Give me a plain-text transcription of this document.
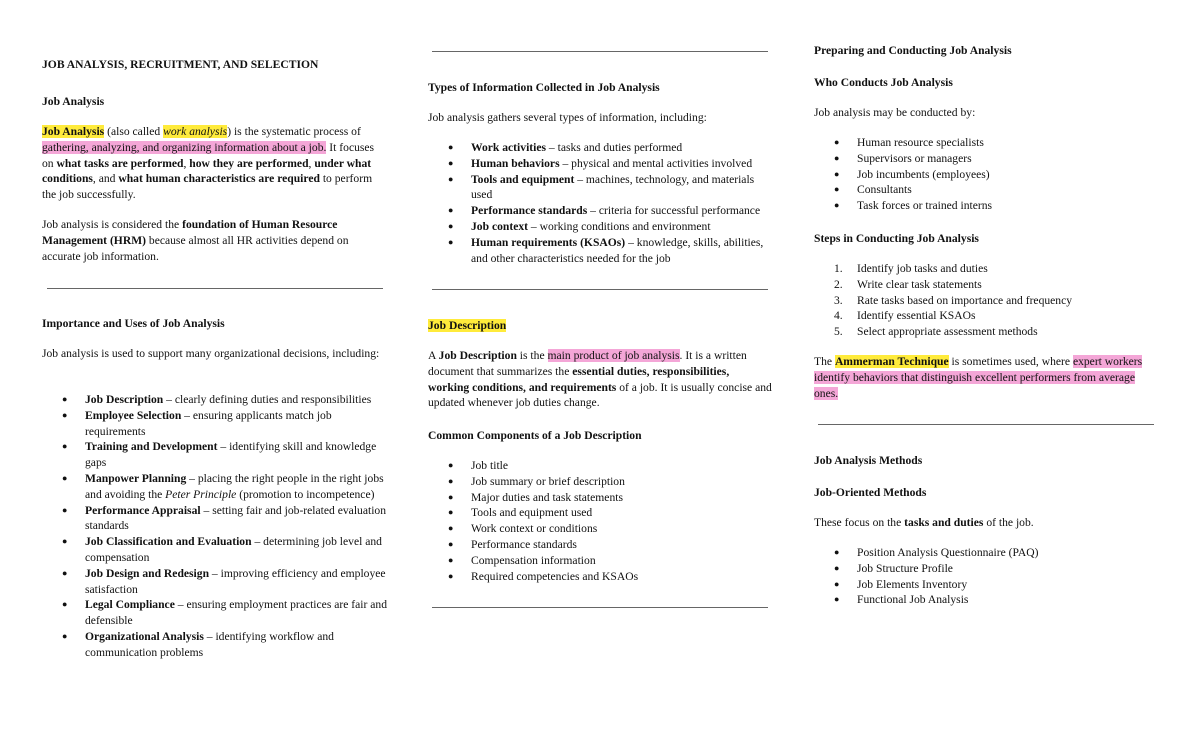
JOB ANALYSIS, RECRUITMENT, AND SELECTION
Job Analysis
Job Analysis (also called work analysis) is the systematic process of gathering, analyzing, and organizing information about a job. It focuses on what tasks are performed, how they are performed, under what conditions, and what human characteristics are required to perform the job successfully.
Job analysis is considered the foundation of Human Resource Management (HRM) because almost all HR activities depend on accurate job information.
Importance and Uses of Job Analysis
Job analysis is used to support many organizational decisions, including:
● Job Description – clearly defining duties and responsibilities
● Employee Selection – ensuring applicants match job requirements
● Training and Development – identifying skill and knowledge gaps
● Manpower Planning – placing the right people in the right jobs and avoiding the Peter Principle (promotion to incompetence)
● Performance Appraisal – setting fair and job-related evaluation standards
● Job Classification and Evaluation – determining job level and compensation
● Job Design and Redesign – improving efficiency and employee satisfaction
● Legal Compliance – ensuring employment practices are fair and defensible
● Organizational Analysis – identifying workflow and communication problems
Types of Information Collected in Job Analysis
Job analysis gathers several types of information, including:
● Work activities – tasks and duties performed
● Human behaviors – physical and mental activities involved
● Tools and equipment – machines, technology, and materials used
● Performance standards – criteria for successful performance
● Job context – working conditions and environment
● Human requirements (KSAOs) – knowledge, skills, abilities, and other characteristics needed for the job
Job Description
A Job Description is the main product of job analysis. It is a written document that summarizes the essential duties, responsibilities, working conditions, and requirements of a job. It is usually concise and updated whenever job duties change.
Common Components of a Job Description
● Job title
● Job summary or brief description
● Major duties and task statements
● Tools and equipment used
● Work context or conditions
● Performance standards
● Compensation information
● Required competencies and KSAOs
Preparing and Conducting Job Analysis
Who Conducts Job Analysis
Job analysis may be conducted by:
● Human resource specialists
● Supervisors or managers
● Job incumbents (employees)
● Consultants
● Task forces or trained interns
Steps in Conducting Job Analysis
1. Identify job tasks and duties
2. Write clear task statements
3. Rate tasks based on importance and frequency
4. Identify essential KSAOs
5. Select appropriate assessment methods
The Ammerman Technique is sometimes used, where expert workers identify behaviors that distinguish excellent performers from average ones.
Job Analysis Methods
Job-Oriented Methods
These focus on the tasks and duties of the job.
● Position Analysis Questionnaire (PAQ)
● Job Structure Profile
● Job Elements Inventory
● Functional Job Analysis
